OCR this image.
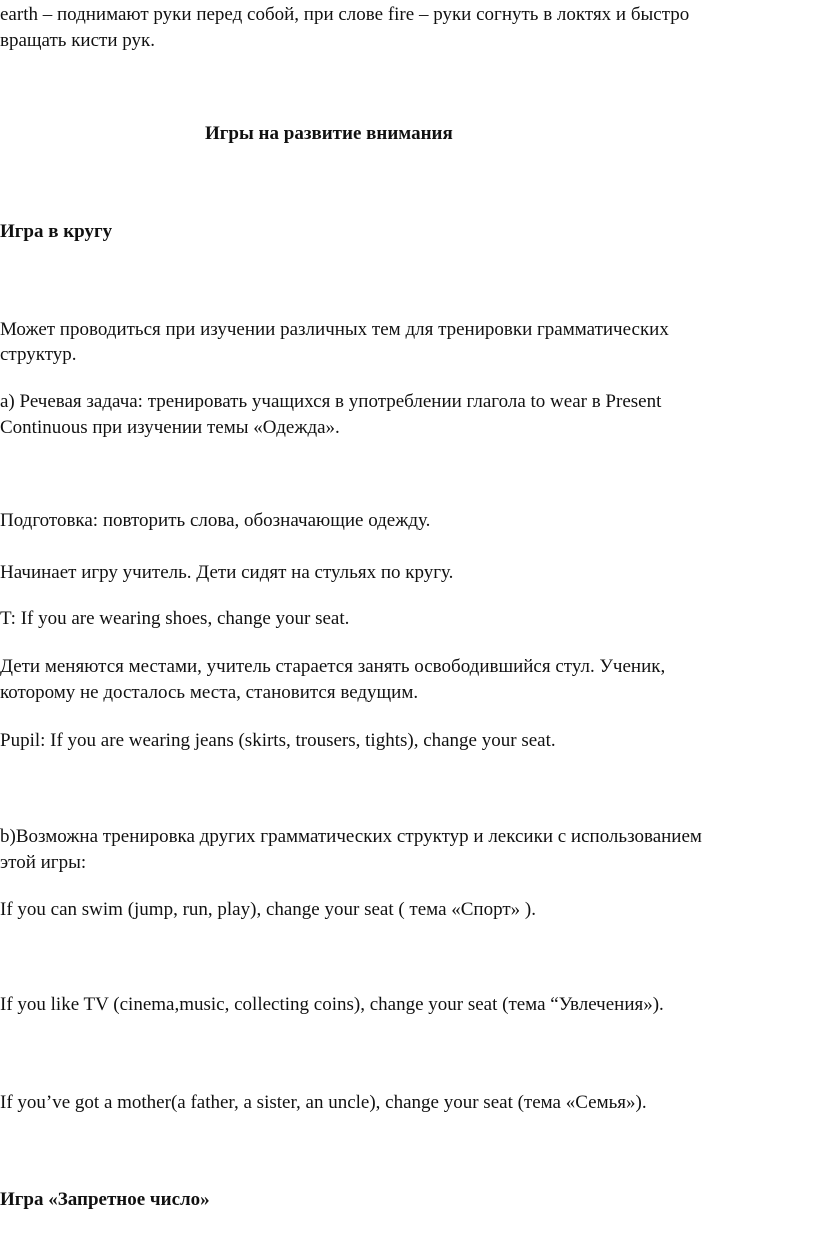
earth – поднимают руки перед собой, при слове fire – руки согнуть в локтях и быстро

вращать кисти рук.

Игры на развитие внимания

Игра в кругу

Может проводиться при изучении различных тем для тренировки грамматических

структур.

а) Речевая задача: тренировать учащихся в употреблении глагола to wear в Present

Continuous при изучении темы «Одежда».

Подготовка: повторить слова, обозначающие одежду.

Начинает игру учитель. Дети сидят на стульях по кругу.

T: If you are wearing shoes, change your seat.

Дети меняются местами, учитель старается занять освободившийся стул. Ученик,

которому не досталось места, становится ведущим.

Pupil: If you are wearing jeans (skirts, trousers, tights), change your seat.

b)Возможна тренировка других грамматических структур и лексики с использованием

этой игры:

If you can swim (jump, run, play), change your seat ( тема «Спорт» ).

If you like TV (cinema,music, collecting coins), change your seat (тема “Увлечения»).

If you’ve got a mother(a father, a sister, an uncle), change your seat (тема «Семья»).

Игра «Запретное число»
